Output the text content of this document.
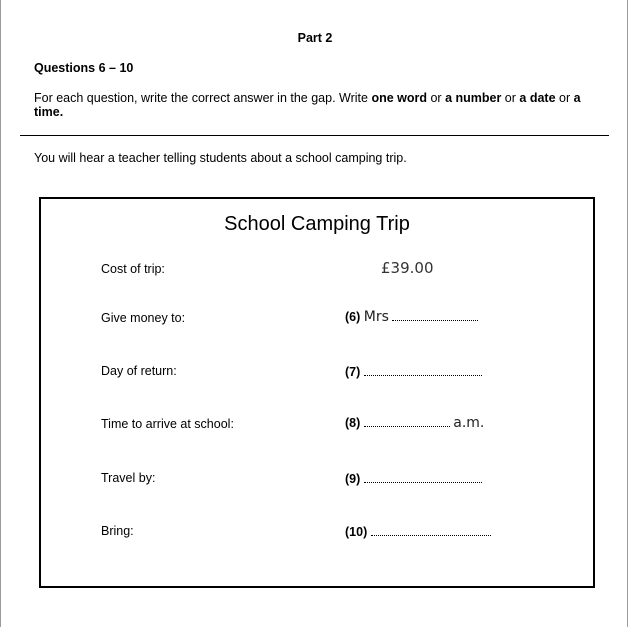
Part 2
Questions 6 – 10
For each question, write the correct answer in the gap. Write one word or a number or a date or a time.
You will hear a teacher telling students about a school camping trip.
School Camping Trip
Cost of trip:	£39.00
Give money to:	(6) Mrs
Day of return:	(7)
Time to arrive at school:	(8)	a.m.
Travel by:	(9)
Bring:	(10)
